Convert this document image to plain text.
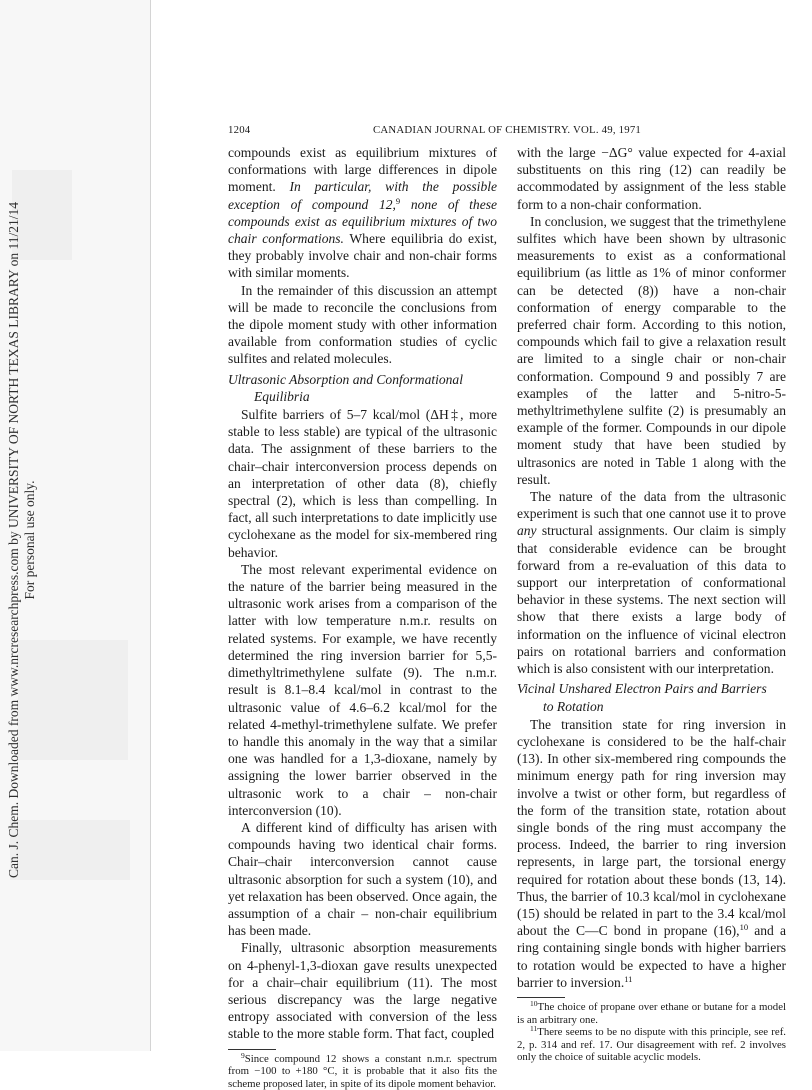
Can. J. Chem. Downloaded from www.nrcresearchpress.com by UNIVERSITY OF NORTH TEXAS LIBRARY on 11/21/14 For personal use only.
1204	CANADIAN JOURNAL OF CHEMISTRY. VOL. 49, 1971

compounds exist as equilibrium mixtures of conformations with large differences in dipole moment. In particular, with the possible exception of compound 12,$^9$ none of these compounds exist as equilibrium mixtures of two chair conformations. Where equilibria do exist, they probably involve chair and non-chair forms with similar moments.

In the remainder of this discussion an attempt will be made to reconcile the conclusions from the dipole moment study with other information available from conformation studies of cyclic sulfites and related molecules.

Ultrasonic Absorption and Conformational
Equilibria

Sulfite barriers of 5–7 kcal/mol (ΔH‡, more stable to less stable) are typical of the ultrasonic data. The assignment of these barriers to the chair–chair interconversion process depends on an interpretation of other data (8), chiefly spectral (2), which is less than compelling. In fact, all such interpretations to date implicitly use cyclohexane as the model for six-membered ring behavior.

The most relevant experimental evidence on the nature of the barrier being measured in the ultrasonic work arises from a comparison of the latter with low temperature n.m.r. results on related systems. For example, we have recently determined the ring inversion barrier for 5,5-dimethyltrimethylene sulfate (9). The n.m.r. result is 8.1–8.4 kcal/mol in contrast to the ultrasonic value of 4.6–6.2 kcal/mol for the related 4-methyl-trimethylene sulfate. We prefer to handle this anomaly in the way that a similar one was handled for a 1,3-dioxane, namely by assigning the lower barrier observed in the ultrasonic work to a chair – non-chair interconversion (10).

A different kind of difficulty has arisen with compounds having two identical chair forms. Chair–chair interconversion cannot cause ultrasonic absorption for such a system (10), and yet relaxation has been observed. Once again, the assumption of a chair – non-chair equilibrium has been made.

Finally, ultrasonic absorption measurements on 4-phenyl-1,3-dioxan gave results unexpected for a chair–chair equilibrium (11). The most serious discrepancy was the large negative entropy associated with conversion of the less stable to the more stable form. That fact, coupled

$^9$Since compound 12 shows a constant n.m.r. spectrum from −100 to +180 °C, it is probable that it also fits the scheme proposed later, in spite of its dipole moment behavior.

with the large −ΔG° value expected for 4-axial substituents on this ring (12) can readily be accommodated by assignment of the less stable form to a non-chair conformation.

In conclusion, we suggest that the trimethylene sulfites which have been shown by ultrasonic measurements to exist as a conformational equilibrium (as little as 1% of minor conformer can be detected (8)) have a non-chair conformation of energy comparable to the preferred chair form. According to this notion, compounds which fail to give a relaxation result are limited to a single chair or non-chair conformation. Compound 9 and possibly 7 are examples of the latter and 5-nitro-5-methyltrimethylene sulfite (2) is presumably an example of the former. Compounds in our dipole moment study that have been studied by ultrasonics are noted in Table 1 along with the result.

The nature of the data from the ultrasonic experiment is such that one cannot use it to prove any structural assignments. Our claim is simply that considerable evidence can be brought forward from a re-evaluation of this data to support our interpretation of conformational behavior in these systems. The next section will show that there exists a large body of information on the influence of vicinal electron pairs on rotational barriers and conformation which is also consistent with our interpretation.

Vicinal Unshared Electron Pairs and Barriers
to Rotation

The transition state for ring inversion in cyclohexane is considered to be the half-chair (13). In other six-membered ring compounds the minimum energy path for ring inversion may involve a twist or other form, but regardless of the form of the transition state, rotation about single bonds of the ring must accompany the process. Indeed, the barrier to ring inversion represents, in large part, the torsional energy required for rotation about these bonds (13, 14). Thus, the barrier of 10.3 kcal/mol in cyclohexane (15) should be related in part to the 3.4 kcal/mol about the C—C bond in propane (16),$^{10}$ and a ring containing single bonds with higher barriers to rotation would be expected to have a higher barrier to inversion.$^{11}$

$^{10}$The choice of propane over ethane or butane for a model is an arbitrary one.

$^{11}$There seems to be no dispute with this principle, see ref. 2, p. 314 and ref. 17. Our disagreement with ref. 2 involves only the choice of suitable acyclic models.
